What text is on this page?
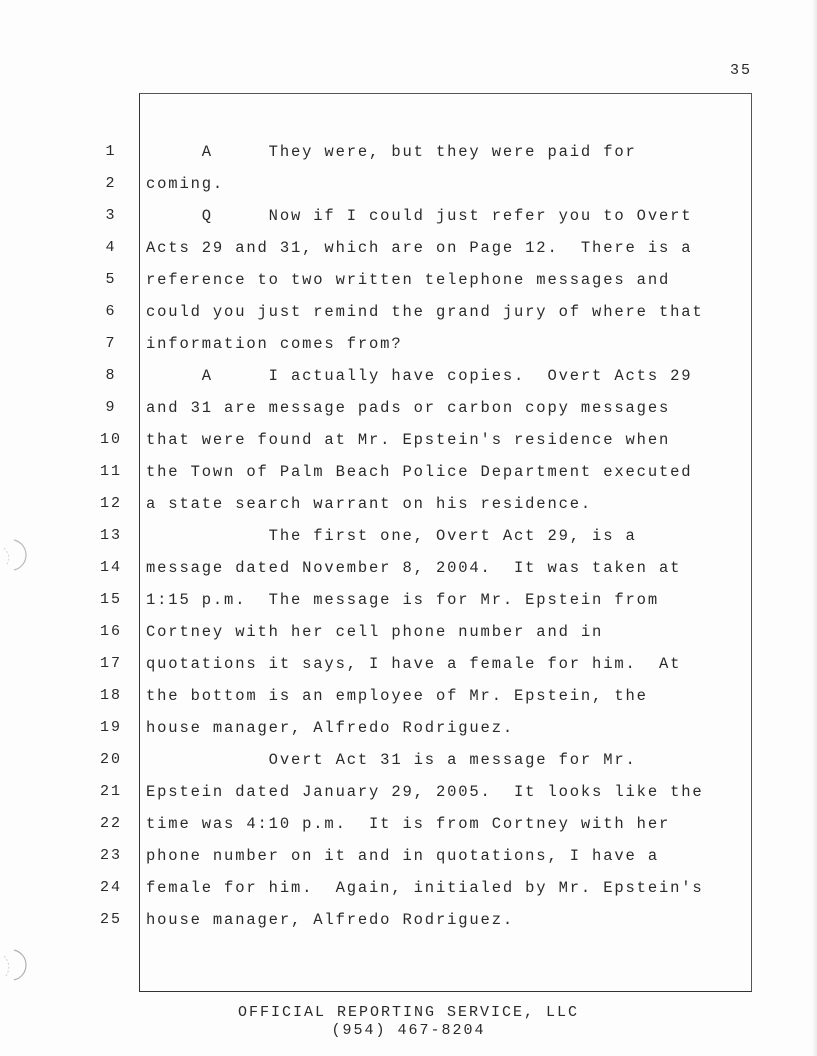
35
1	A     They were, but they were paid for
2	coming.
3	Q     Now if I could just refer you to Overt
4	Acts 29 and 31, which are on Page 12.  There is a
5	reference to two written telephone messages and
6	could you just remind the grand jury of where that
7	information comes from?
8	A     I actually have copies.  Overt Acts 29
9	and 31 are message pads or carbon copy messages
10 that were found at Mr. Epstein's residence when
11 the Town of Palm Beach Police Department executed
12 a state search warrant on his residence.
13 The first one, Overt Act 29, is a
14 message dated November 8, 2004.  It was taken at
15 1:15 p.m.  The message is for Mr. Epstein from
16 Cortney with her cell phone number and in
17 quotations it says, I have a female for him.  At
18 the bottom is an employee of Mr. Epstein, the
19 house manager, Alfredo Rodriguez.
20 Overt Act 31 is a message for Mr.
21 Epstein dated January 29, 2005.  It looks like the
22 time was 4:10 p.m.  It is from Cortney with her
23 phone number on it and in quotations, I have a
24 female for him.  Again, initialed by Mr. Epstein's
25 house manager, Alfredo Rodriguez.
OFFICIAL REPORTING SERVICE, LLC
(954) 467-8204
